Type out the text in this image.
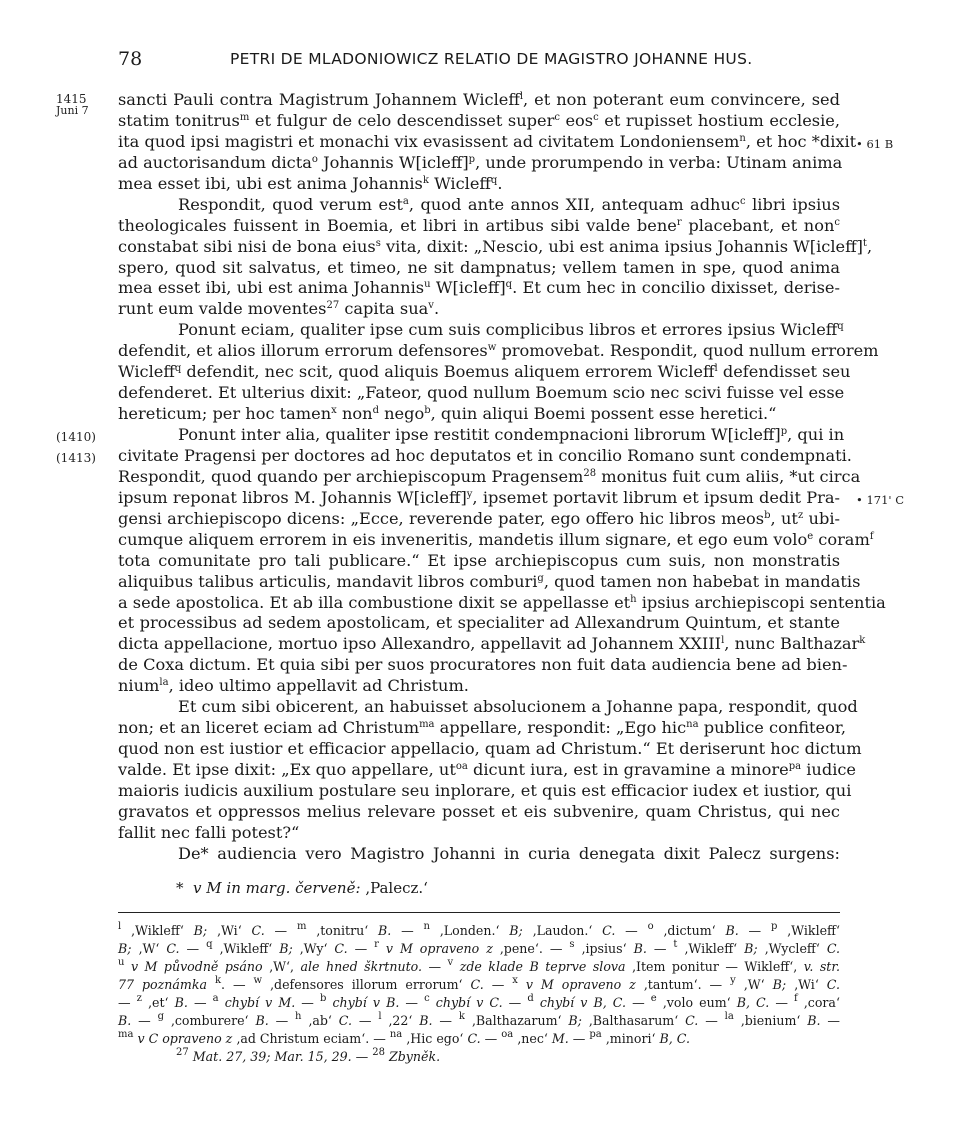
78	PETRI DE MLADONIOWICZ RELATIO DE MAGISTRO JOHANNE HUS.
1415
Juni 7
(1410)
(1413)
• 61 B
• 171' C
sancti Pauli contra Magistrum Johannem Wicleff$^l$, et non poterant eum convincere, sed
statim tonitrus$^m$ et fulgur de celo descendisset super$^c$ eos$^c$ et rupisset hostium ecclesie,
ita quod ipsi magistri et monachi vix evasissent ad civitatem Londoniensem$^n$, et hoc *dixit
ad auctorisandum dicta$^o$ Johannis W[icleff]$^p$, unde prorumpendo in verba: Utinam anima
mea esset ibi, ubi est anima Johannis$^k$ Wicleff$^q$.
Respondit, quod verum est$^a$, quod ante annos XII, antequam adhuc$^c$ libri ipsius
theologicales fuissent in Boemia, et libri in artibus sibi valde bene$^r$ placebant, et non$^c$
constabat sibi nisi de bona eius$^s$ vita, dixit: „Nescio, ubi est anima ipsius Johannis W[icleff]$^t$,
spero, quod sit salvatus, et timeo, ne sit dampnatus; vellem tamen in spe, quod anima
mea esset ibi, ubi est anima Johannis$^u$ W[icleff]$^q$. Et cum hec in concilio dixisset, derise-
runt eum valde moventes$^{27}$ capita sua$^v$.
Ponunt eciam, qualiter ipse cum suis complicibus libros et errores ipsius Wicleff$^q$
defendit, et alios illorum errorum defensores$^w$ promovebat. Respondit, quod nullum errorem
Wicleff$^q$ defendit, nec scit, quod aliquis Boemus aliquem errorem Wicleff$^l$ defendisset seu
defenderet. Et ulterius dixit: „Fateor, quod nullum Boemum scio nec scivi fuisse vel esse
hereticum; per hoc tamen$^x$ non$^d$ nego$^b$, quin aliqui Boemi possent esse heretici.“
Ponunt inter alia, qualiter ipse restitit condempnacioni librorum W[icleff]$^p$, qui in
civitate Pragensi per doctores ad hoc deputatos et in concilio Romano sunt condempnati.
Respondit, quod quando per archiepiscopum Pragensem$^{28}$ monitus fuit cum aliis, *ut circa
ipsum reponat libros M. Johannis W[icleff]$^y$, ipsemet portavit librum et ipsum dedit Pra-
gensi archiepiscopo dicens: „Ecce, reverende pater, ego offero hic libros meos$^b$, $ut^z$ ubi-
cumque aliquem errorem in eis inveneritis, mandetis illum signare, et ego eum volo$^e$ coram$^f$
tota comunitate pro tali publicare.“ Et ipse archiepiscopus cum suis, non monstratis
aliquibus talibus articulis, mandavit libros comburi$^g$, quod tamen non habebat in mandatis
a sede apostolica. Et ab illa combustione dixit se appellasse $et^h$ ipsius archiepiscopi sententia
et processibus ad sedem apostolicam, et specialiter ad Allexandrum Quintum, et stante
dicta appellacione, mortuo ipso Allexandro, appellavit ad Johannem XXIII$^l$, nunc Balthazar$^k$
de Coxa dictum. Et quia sibi per suos procuratores non fuit data audiencia bene ad bien-
nium$^{la}$, ideo ultimo appellavit ad Christum.
Et cum sibi obicerent, an habuisset absolucionem a Johanne papa, respondit, quod
non; et an liceret eciam ad Christum$^{ma}$ appellare, respondit: „Ego hic$^{na}$ publice confiteor,
quod non est iustior et efficacior appellacio, quam ad Christum.“ Et deriserunt hoc dictum
valde. Et ipse dixit: „Ex quo appellare, $ut^{oa}$ dicunt iura, est in gravamine a minore$^{pa}$ iudice
maioris iudicis auxilium postulare seu inplorare, et quis est efficacior iudex et iustior, qui
gravatos et oppressos melius relevare posset et eis subvenire, quam Christus, qui nec
fallit nec falli potest?“
De* audiencia vero Magistro Johanni in curia denegata dixit Palecz surgens:
* v M in marg. červeně: ‚Palecz.‘
$^l$ ‚Wikleff‘ B; ‚Wi‘ C. — $^m$ ‚tonitru‘ B. — $^n$ ‚Londen.‘ B; ‚Laudon.‘ C. — $^o$ ‚dictum‘ B. — $^p$ ‚Wikleff‘
B; ‚W‘ C. — $^q$ ‚Wikleff‘ B; ‚Wy‘ C. — $^r$ v M opraveno z ‚pene‘. — $^s$ ‚ipsius‘ B. — $^t$ ‚Wikleff‘ B; ‚Wycleff‘ C.
$^u$ v M původně psáno ‚W‘, ale hned škrtnuto. — $^v$ zde klade B teprve slova ‚Item ponitur — Wikleff‘, v. str.
77 poznámka $^k$. — $^w$ ‚defensores illorum errorum‘ C. — $^x$ v M opraveno z ‚tantum‘. — $^y$ ‚W‘ B; ‚Wi‘ C.
— $^z$ ‚et‘ B. — $^a$ chybí v M. — $^b$ chybí v B. — $^c$ chybí v C. — $^d$ chybí v B, C. — $^e$ ‚volo eum‘ B, C. — $^f$ ‚cora‘
B. — $^g$ ‚comburere‘ B. — $^h$ ‚ab‘ C. — $^l$ ‚22‘ B. — $^k$ ‚Balthazarum‘ B; ‚Balthasarum‘ C. — $^{la}$ ‚bienium‘ B. —
$^{ma}$ v C opraveno z ‚ad Christum eciam‘. — $^{na}$ ‚Hic ego‘ C. — $^{oa}$ ‚nec‘ M. — $^{pa}$ ‚minori‘ B, C.
$^{27}$ Mat. 27, 39; Mar. 15, 29. — $^{28}$ Zbyněk.
